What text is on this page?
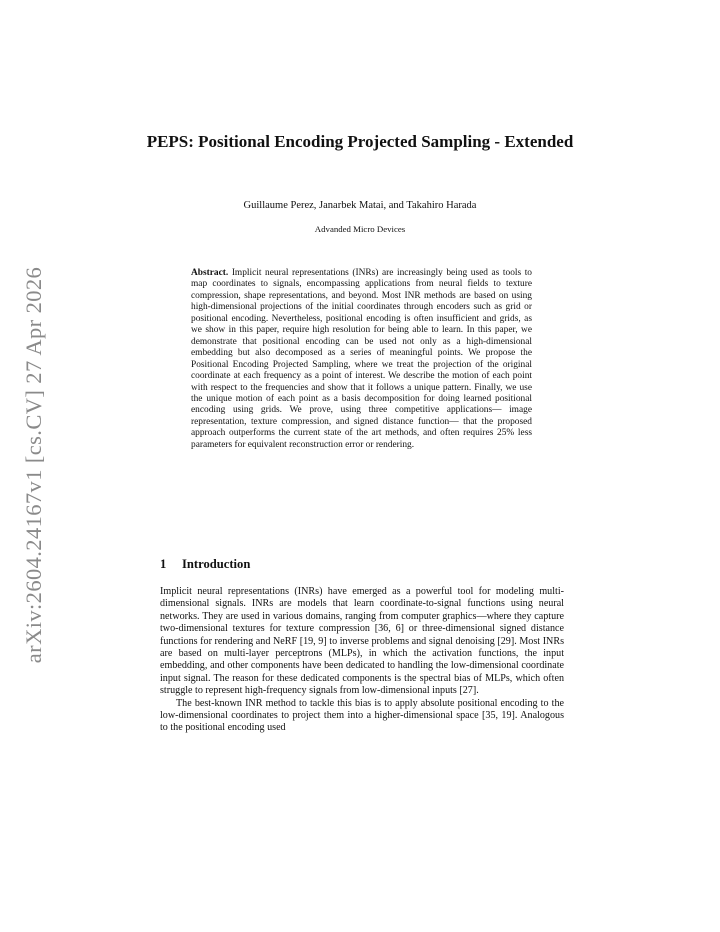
arXiv:2604.24167v1 [cs.CV] 27 Apr 2026
PEPS: Positional Encoding Projected Sampling - Extended
Guillaume Perez, Janarbek Matai, and Takahiro Harada
Advanded Micro Devices
Abstract. Implicit neural representations (INRs) are increasingly being used as tools to map coordinates to signals, encompassing applications from neural fields to texture compression, shape representations, and beyond. Most INR methods are based on using high-dimensional projections of the initial coordinates through encoders such as grid or positional encoding. Nevertheless, positional encoding is often insufficient and grids, as we show in this paper, require high resolution for being able to learn. In this paper, we demonstrate that positional encoding can be used not only as a high-dimensional embedding but also decomposed as a series of meaningful points. We propose the Positional Encoding Projected Sampling, where we treat the projection of the original coordinate at each frequency as a point of interest. We describe the motion of each point with respect to the frequencies and show that it follows a unique pattern. Finally, we use the unique motion of each point as a basis decomposition for doing learned positional encoding using grids. We prove, using three competitive applications— image representation, texture compression, and signed distance function— that the proposed approach outperforms the current state of the art methods, and often requires 25% less parameters for equivalent reconstruction error or rendering.
1 Introduction

Implicit neural representations (INRs) have emerged as a powerful tool for modeling multi-dimensional signals. INRs are models that learn coordinate-to-signal functions using neural networks. They are used in various domains, ranging from computer graphics—where they capture two-dimensional textures for texture compression [36, 6] or three-dimensional signed distance functions for rendering and NeRF [19, 9] to inverse problems and signal denoising [29]. Most INRs are based on multi-layer perceptrons (MLPs), in which the activation functions, the input embedding, and other components have been dedicated to handling the low-dimensional coordinate input signal. The reason for these dedicated components is the spectral bias of MLPs, which often struggle to represent high-frequency signals from low-dimensional inputs [27].

The best-known INR method to tackle this bias is to apply absolute positional encoding to the low-dimensional coordinates to project them into a higher-dimensional space [35, 19]. Analogous to the positional encoding used
